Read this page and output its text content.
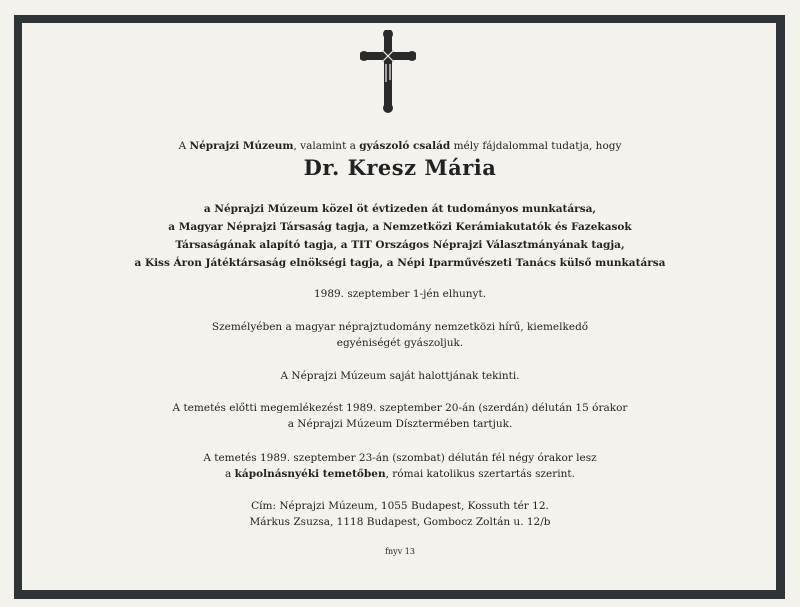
A Néprajzi Múzeum, valamint a gyászoló család mély fájdalommal tudatja, hogy
Dr. Kresz Mária
a Néprajzi Múzeum közel öt évtizeden át tudományos munkatársa,
a Magyar Néprajzi Társaság tagja, a Nemzetközi Kerámiakutatók és Fazekasok
Társaságának alapító tagja, a TIT Országos Néprajzi Választmányának tagja,
a Kiss Áron Játéktársaság elnökségi tagja, a Népi Iparművészeti Tanács külső munkatársa
1989. szeptember 1-jén elhunyt.
Személyében a magyar néprajztudomány nemzetközi hírű, kiemelkedő
egyéniségét gyászoljuk.
A Néprajzi Múzeum saját halottjának tekinti.
A temetés előtti megemlékezést 1989. szeptember 20-án (szerdán) délután 15 órakor
a Néprajzi Múzeum Dísztermében tartjuk.
A temetés 1989. szeptember 23-án (szombat) délután fél négy órakor lesz
a kápolnásnyéki temetőben, római katolikus szertartás szerint.
Cím: Néprajzi Múzeum, 1055 Budapest, Kossuth tér 12.
Márkus Zsuzsa, 1118 Budapest, Gombocz Zoltán u. 12/b
fnyv 13
